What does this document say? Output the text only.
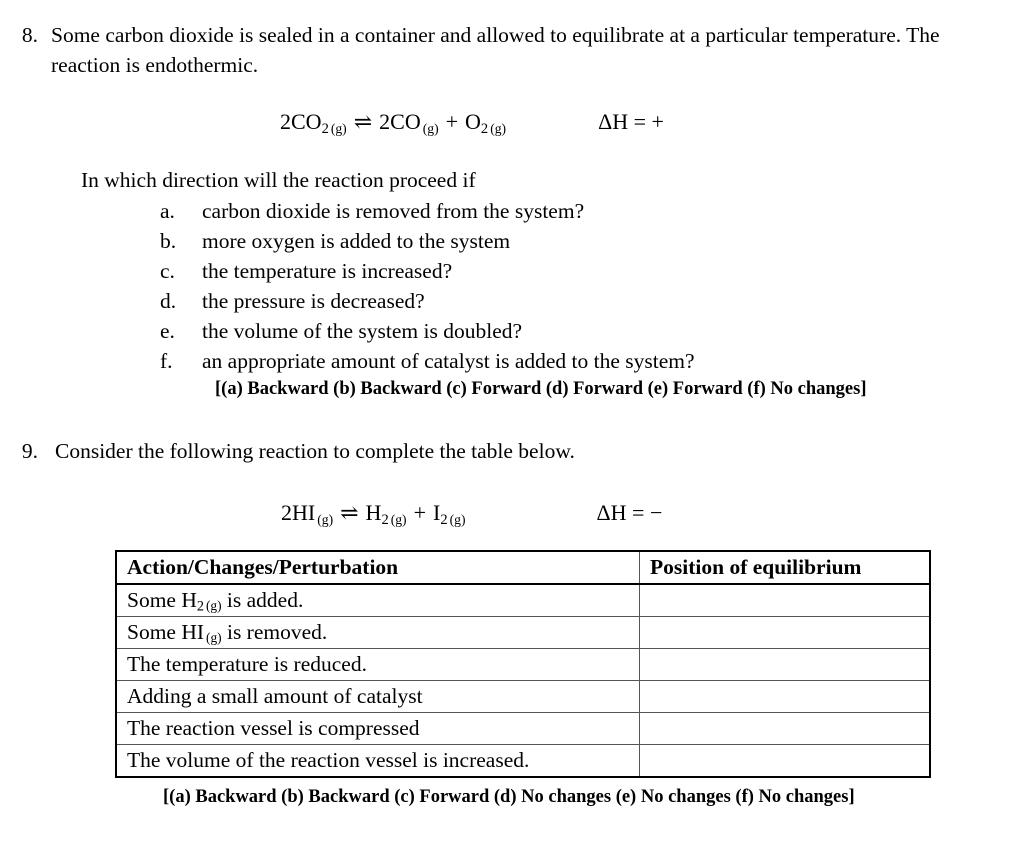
8. Some carbon dioxide is sealed in a container and allowed to equilibrate at a particular temperature. The reaction is endothermic.
$2CO_2$ $_{(g)}$ ⇌ 2CO $_{(g)} + O_2$ $_{(g)}$	ΔH = +
In which direction will the reaction proceed if
a.	carbon dioxide is removed from the system?
b.	more oxygen is added to the system
c.	the temperature is increased?
d.	the pressure is decreased?
e.	the volume of the system is doubled?
f.	an appropriate amount of catalyst is added to the system?
[(a) Backward (b) Backward (c) Forward (d) Forward (e) Forward (f) No changes]
9. Consider the following reaction to complete the table below.
2HI $_{(g)}$ ⇌ $H_2$ $_{(g)} + I_2$ $_{(g)}$	ΔH = −
Action/Changes/Perturbation	Position of equilibrium
Some $H_2$ $_{(g)}$ is added.	
Some HI $_{(g)}$ is removed.	
The temperature is reduced.	
Adding a small amount of catalyst	
The reaction vessel is compressed	
The volume of the reaction vessel is increased.	
[(a) Backward (b) Backward (c) Forward (d) No changes (e) No changes (f) No changes]
